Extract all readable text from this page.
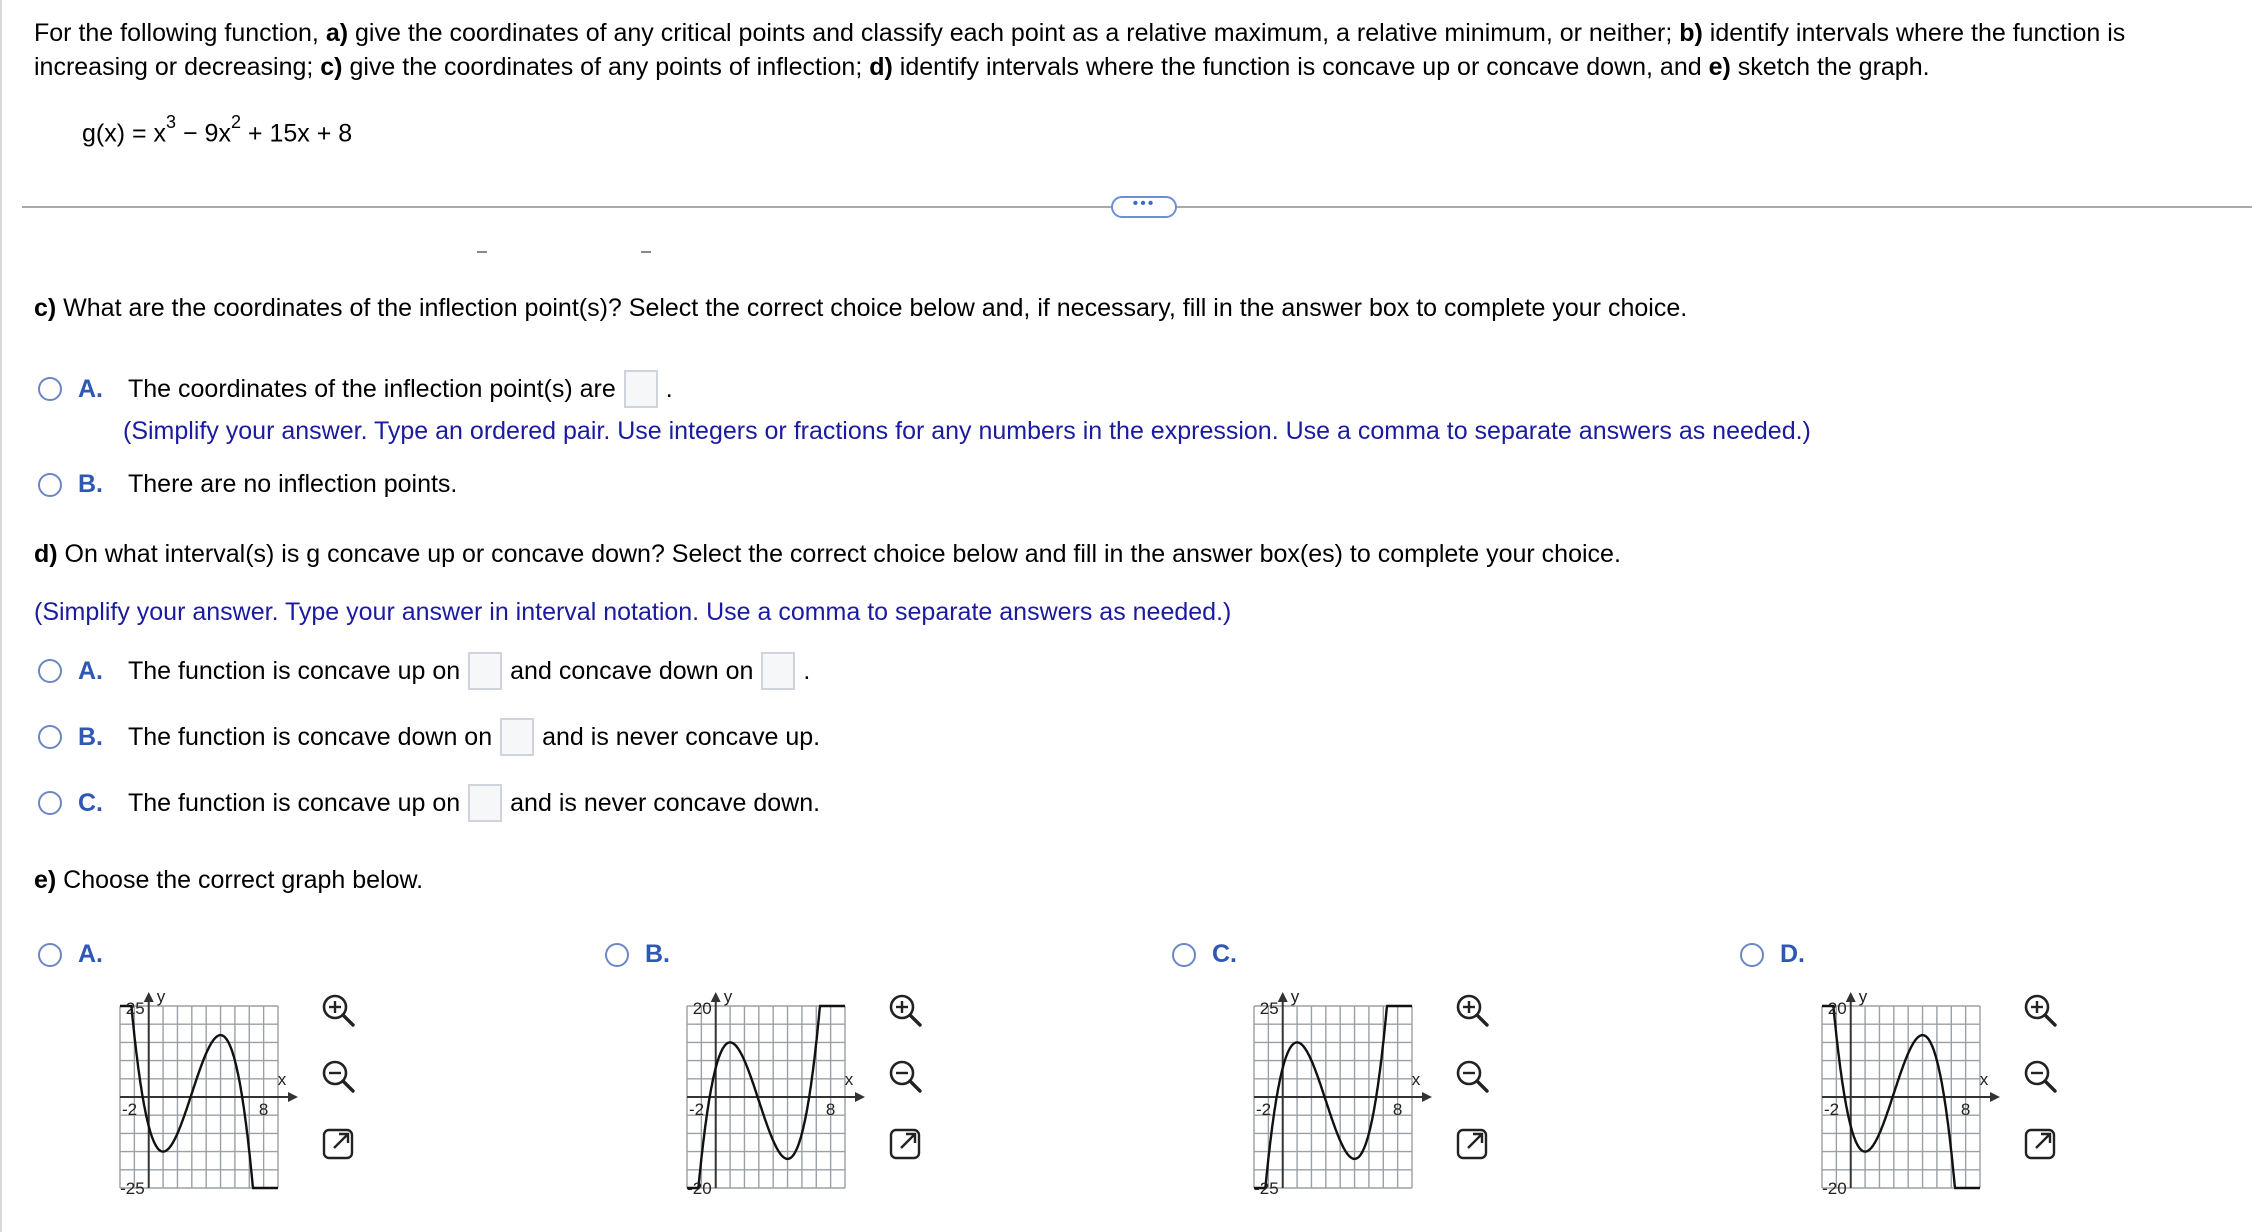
For the following function, a) give the coordinates of any critical points and classify each point as a relative maximum, a relative minimum, or neither; b) identify intervals where the function is increasing or decreasing; c) give the coordinates of any points of inflection; d) identify intervals where the function is concave up or concave down, and e) sketch the graph.
$g(x) = x^3 - 9x^2 + 15x + 8$
•••
c) What are the coordinates of the inflection point(s)? Select the correct choice below and, if necessary, fill in the answer box to complete your choice.
A.	The coordinates of the inflection point(s) are .
(Simplify your answer. Type an ordered pair. Use integers or fractions for any numbers in the expression. Use a comma to separate answers as needed.)
B.	There are no inflection points.
d) On what interval(s) is g concave up or concave down? Select the correct choice below and fill in the answer box(es) to complete your choice.
(Simplify your answer. Type your answer in interval notation. Use a comma to separate answers as needed.)
A.	The function is concave up on and concave down on .
B.	The function is concave down on and is never concave up.
C.	The function is concave up on and is never concave down.
e) Choose the correct graph below.
A.
y
25
-25
-2	8
x
B.
y
20
-20
-2	8
x
C.
y
25
-25
-2	8
x
D.
y
20
-20
-2	8
x
